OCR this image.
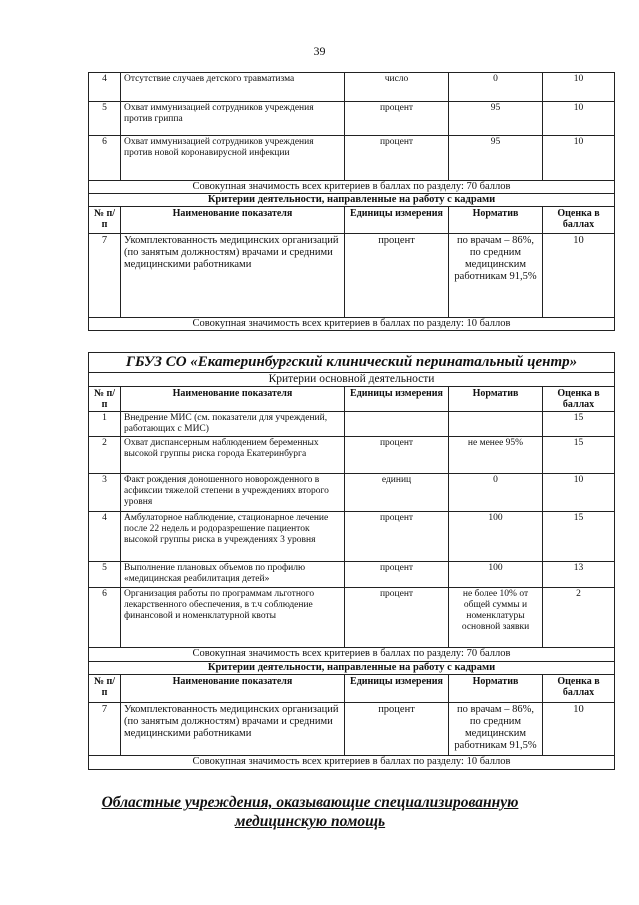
39
4	Отсутствие случаев детского травматизма	число	0	10
5	Охват иммунизацией сотрудников учреждения против гриппа	процент	95	10
6	Охват иммунизацией сотрудников учреждения против новой коронавирусной инфекции	процент	95	10
Совокупная значимость всех критериев в баллах по разделу: 70 баллов				
Критерии деятельности, направленные на работу с кадрами				
№ п/п	Наименование показателя	Единицы измерения	Норматив	Оценка в баллах
7	Укомплектованность медицинских организаций (по занятым должностям) врачами и средними медицинскими работниками	процент	по врачам – 86%, по средним медицинским работникам 91,5%	10
Совокупная значимость всех критериев в баллах по разделу: 10 баллов				
ГБУЗ СО «Екатеринбургский клинический перинатальный центр»				
Критерии основной деятельности				
№ п/п	Наименование показателя	Единицы измерения	Норматив	Оценка в баллах
1	Внедрение МИС (см. показатели для учреждений, работающих с МИС)			15
2	Охват диспансерным наблюдением беременных высокой группы риска города Екатеринбурга	процент	не менее 95%	15
3	Факт рождения доношенного новорожденного в асфиксии тяжелой степени в учреждениях второго уровня	единиц	0	10
4	Амбулаторное наблюдение, стационарное лечение после 22 недель и родоразрешение пациенток высокой группы риска в учреждениях 3 уровня	процент	100	15
5	Выполнение плановых объемов по профилю «медицинская реабилитация детей»	процент	100	13
6	Организация работы по программам льготного лекарственного обеспечения, в т.ч соблюдение финансовой и номенклатурной квоты	процент	не более 10% от общей суммы и номенклатуры основной заявки	2
Совокупная значимость всех критериев в баллах по разделу: 70 баллов				
Критерии деятельности, направленные на работу с кадрами				
№ п/п	Наименование показателя	Единицы измерения	Норматив	Оценка в баллах
7	Укомплектованность медицинских организаций (по занятым должностям) врачами и средними медицинскими работниками	процент	по врачам – 86%, по средним медицинским работникам 91,5%	10
Совокупная значимость всех критериев в баллах по разделу: 10 баллов				
Областные учреждения, оказывающие специализированную медицинскую помощь
